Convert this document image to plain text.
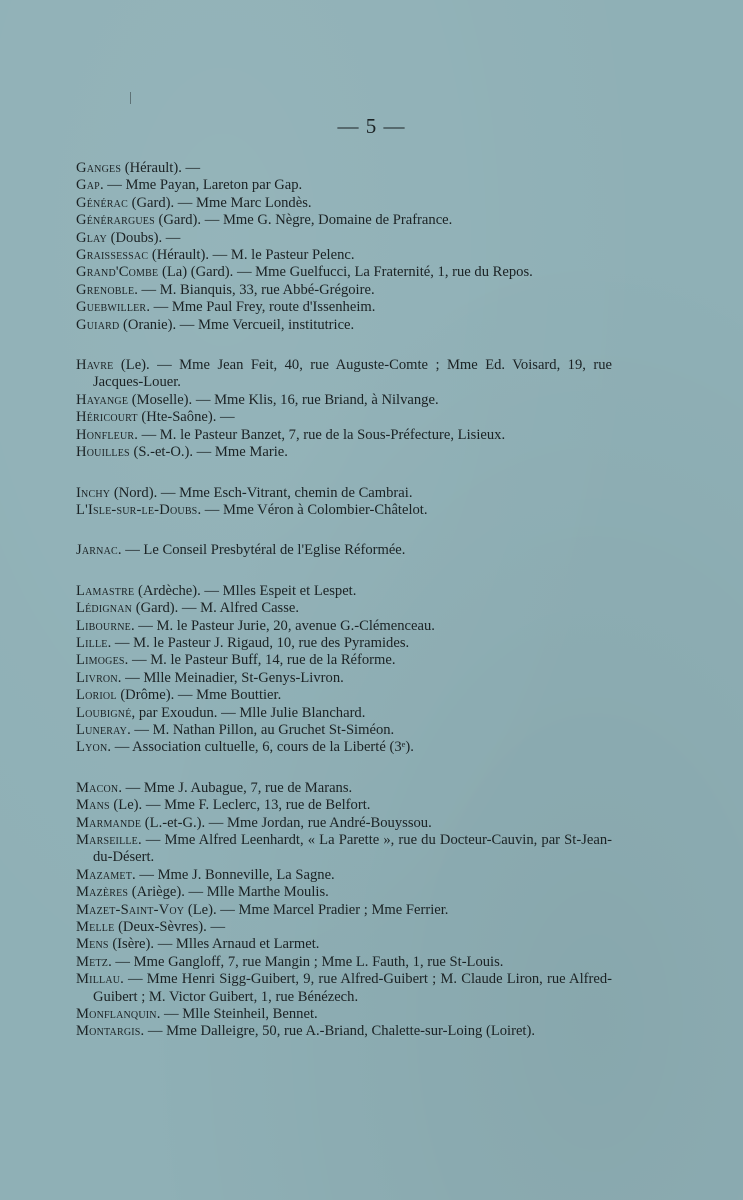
— 5 —
Ganges (Hérault). —
Gap. — Mme Payan, Lareton par Gap.
Générac (Gard). — Mme Marc Londès.
Générargues (Gard). — Mme G. Nègre, Domaine de Prafrance.
Glay (Doubs). —
Graissessac (Hérault). — M. le Pasteur Pelenc.
Grand'Combe (La) (Gard). — Mme Guelfucci, La Fraternité, 1, rue du Repos.
Grenoble. — M. Bianquis, 33, rue Abbé-Grégoire.
Guebwiller. — Mme Paul Frey, route d'Issenheim.
Guiard (Oranie). — Mme Vercueil, institutrice.
Havre (Le). — Mme Jean Feit, 40, rue Auguste-Comte ; Mme Ed. Voisard, 19, rue Jacques-Louer.
Hayange (Moselle). — Mme Klis, 16, rue Briand, à Nilvange.
Héricourt (Hte-Saône). —
Honfleur. — M. le Pasteur Banzet, 7, rue de la Sous-Préfecture, Lisieux.
Houilles (S.-et-O.). — Mme Marie.
Inchy (Nord). — Mme Esch-Vitrant, chemin de Cambrai.
L'Isle-sur-le-Doubs. — Mme Véron à Colombier-Châtelot.
Jarnac. — Le Conseil Presbytéral de l'Eglise Réformée.
Lamastre (Ardèche). — Mlles Espeit et Lespet.
Lédignan (Gard). — M. Alfred Casse.
Libourne. — M. le Pasteur Jurie, 20, avenue G.-Clémenceau.
Lille. — M. le Pasteur J. Rigaud, 10, rue des Pyramides.
Limoges. — M. le Pasteur Buff, 14, rue de la Réforme.
Livron. — Mlle Meinadier, St-Genys-Livron.
Loriol (Drôme). — Mme Bouttier.
Loubigné, par Exoudun. — Mlle Julie Blanchard.
Luneray. — M. Nathan Pillon, au Gruchet St-Siméon.
Lyon. — Association cultuelle, 6, cours de la Liberté (3ᵉ).
Macon. — Mme J. Aubague, 7, rue de Marans.
Mans (Le). — Mme F. Leclerc, 13, rue de Belfort.
Marmande (L.-et-G.). — Mme Jordan, rue André-Bouyssou.
Marseille. — Mme Alfred Leenhardt, « La Parette », rue du Docteur-Cauvin, par St-Jean-du-Désert.
Mazamet. — Mme J. Bonneville, La Sagne.
Mazères (Ariège). — Mlle Marthe Moulis.
Mazet-Saint-Voy (Le). — Mme Marcel Pradier ; Mme Ferrier.
Melle (Deux-Sèvres). —
Mens (Isère). — Mlles Arnaud et Larmet.
Metz. — Mme Gangloff, 7, rue Mangin ; Mme L. Fauth, 1, rue St-Louis.
Millau. — Mme Henri Sigg-Guibert, 9, rue Alfred-Guibert ; M. Claude Liron, rue Alfred-Guibert ; M. Victor Guibert, 1, rue Bénézech.
Monflanquin. — Mlle Steinheil, Bennet.
Montargis. — Mme Dalleigre, 50, rue A.-Briand, Chalette-sur-Loing (Loiret).
